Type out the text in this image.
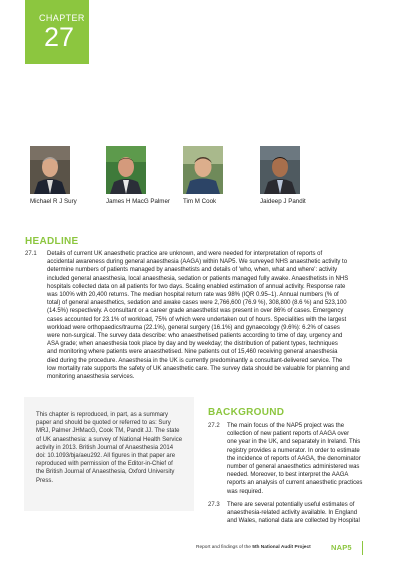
CHAPTER
27
Michael R J Sury	James H MacG Palmer Tim M Cook	Jaideep J Pandit
HEADLINE
27.1 Details of current UK anaesthetic practice are unknown, and were needed for interpretation of reports of
accidental awareness during general anaesthesia (AAGA) within NAP5. We surveyed NHS anaesthetic activity to
determine numbers of patients managed by anaesthetists and details of 'who, when, what and where': activity
included general anaesthesia, local anaesthesia, sedation or patients managed fully awake. Anaesthetists in NHS
hospitals collected data on all patients for two days. Scaling enabled estimation of annual activity. Response rate
was 100% with 20,400 returns. The median hospital return rate was 98% (IQR 0.95–1). Annual numbers (% of
total) of general anaesthetics, sedation and awake cases were 2,766,600 (76.9 %), 308,800 (8.6 %) and 523,100
(14.5%) respectively. A consultant or a career grade anaesthetist was present in over 86% of cases. Emergency
cases accounted for 23.1% of workload, 75% of which were undertaken out of hours. Specialities with the largest
workload were orthopaedics/trauma (22.1%), general surgery (16.1%) and gynaecology (9.6%): 6.2% of cases
were non-surgical. The survey data describe: who anaesthetised patients according to time of day, urgency and
ASA grade; when anaesthesia took place by day and by weekday; the distribution of patient types, techniques
and monitoring where patients were anaesthetised. Nine patients out of 15,460 receiving general anaesthesia
died during the procedure. Anaesthesia in the UK is currently predominantly a consultant-delivered service. The
low mortality rate supports the safety of UK anaesthetic care. The survey data should be valuable for planning and
monitoring anaesthesia services.
This chapter is reproduced, in part, as a summary
paper and should be quoted or referred to as: Sury
MRJ, Palmer JHMacG, Cook TM, Pandit JJ. The state
of UK anaesthesia: a survey of National Health Service
activity in 2013. British Journal of Anaesthesia 2014
doi: 10.1093/bja/aeu292. All figures in that paper are
reproduced with permission of the Editor-in-Chief of
the British Journal of Anaesthesia, Oxford University
Press.
BACKGROUND
27.2 The main focus of the NAP5 project was the
collection of new patient reports of AAGA over
one year in the UK, and separately in Ireland. This
registry provides a numerator. In order to estimate
the incidence of reports of AAGA, the denominator
number of general anaesthetics administered was
needed. Moreover, to best interpret the AAGA
reports an analysis of current anaesthetic practices
was required.
27.3 There are several potentially useful estimates of
anaesthesia-related activity available. In England
and Wales, national data are collected by Hospital
Report and findings of the 5th National Audit Project	NAP5
